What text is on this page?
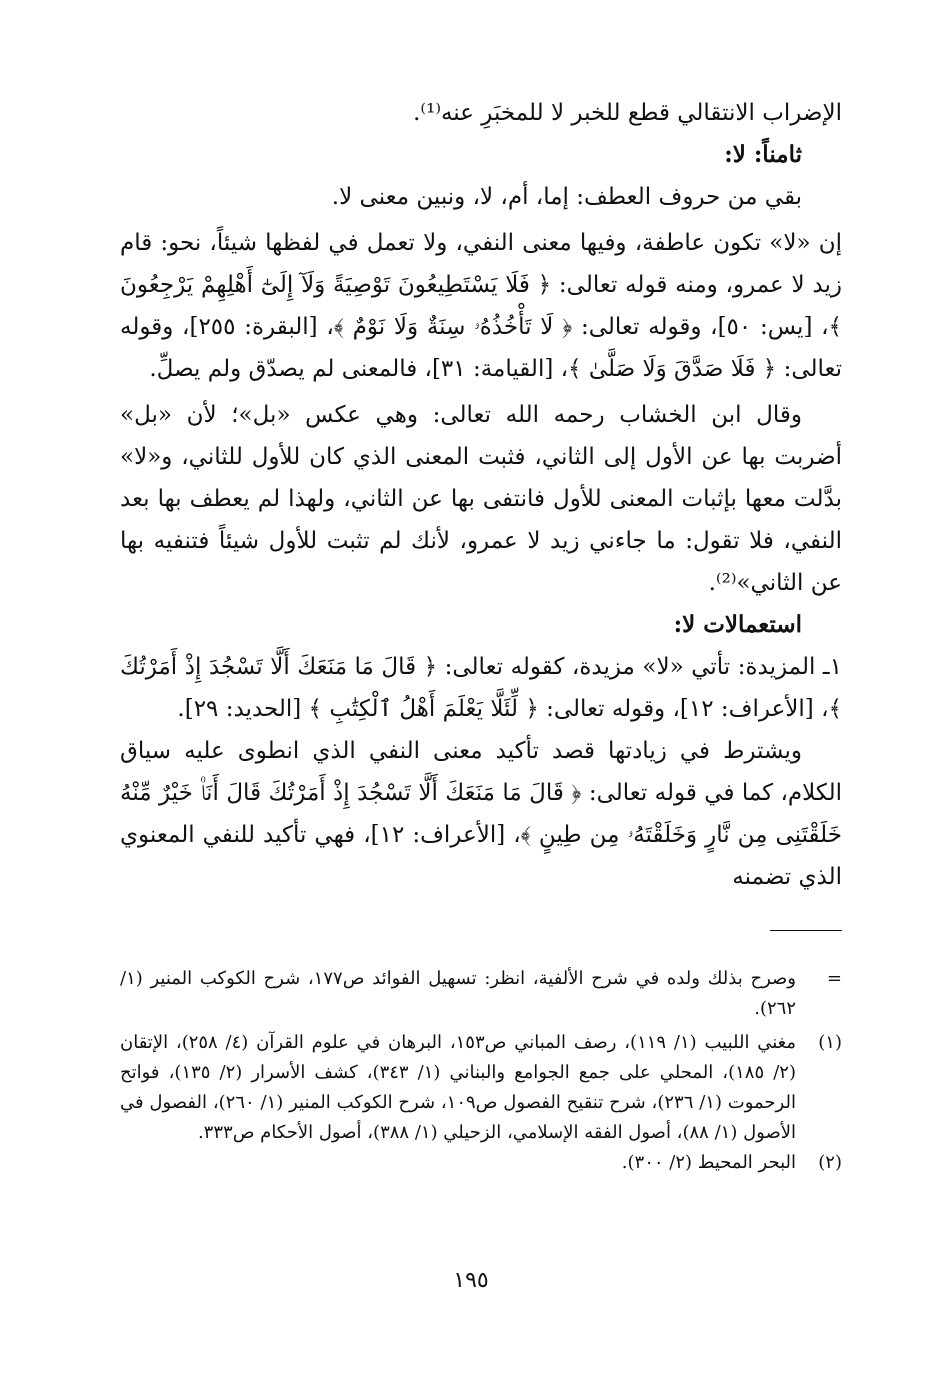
الإضراب الانتقالي قطع للخبر لا للمخبَرِ عنه⁽¹⁾.

ثامناً: لا:

بقي من حروف العطف: إما، أم، لا، ونبين معنى لا.

إن «لا» تكون عاطفة، وفيها معنى النفي، ولا تعمل في لفظها شيئاً، نحو: قام زيد لا عمرو، ومنه قوله تعالى: ﴿ فَلَا يَسْتَطِيعُونَ تَوْصِيَةً وَلَآ إِلَىٰٓ أَهْلِهِمْ يَرْجِعُونَ ﴾، [يس: ٥٠]، وقوله تعالى: ﴿ لَا تَأْخُذُهُۥ سِنَةٌ وَلَا نَوْمٌ ﴾، [البقرة: ٢٥٥]، وقوله تعالى: ﴿ فَلَا صَدَّقَ وَلَا صَلَّىٰ ﴾، [القيامة: ٣١]، فالمعنى لم يصدّق ولم يصلِّ.

وقال ابن الخشاب رحمه الله تعالى: وهي عكس «بل»؛ لأن «بل» أضربت بها عن الأول إلى الثاني، فثبت المعنى الذي كان للأول للثاني، و«لا» بدَّلت معها بإثبات المعنى للأول فانتفى بها عن الثاني، ولهذا لم يعطف بها بعد النفي، فلا تقول: ما جاءني زيد لا عمرو، لأنك لم تثبت للأول شيئاً فتنفيه بها عن الثاني»⁽²⁾.

استعمالات لا:

١ـ المزيدة: تأتي «لا» مزيدة، كقوله تعالى: ﴿ قَالَ مَا مَنَعَكَ أَلَّا تَسْجُدَ إِذْ أَمَرْتُكَ ﴾، [الأعراف: ١٢]، وقوله تعالى: ﴿ لِّئَلَّا يَعْلَمَ أَهْلُ ٱلْكِتَٰبِ ﴾ [الحديد: ٢٩].

ويشترط في زيادتها قصد تأكيد معنى النفي الذي انطوى عليه سياق الكلام، كما في قوله تعالى: ﴿ قَالَ مَا مَنَعَكَ أَلَّا تَسْجُدَ إِذْ أَمَرْتُكَ قَالَ أَنَا۠ خَيْرٌ مِّنْهُ خَلَقْتَنِى مِن نَّارٍ وَخَلَقْتَهُۥ مِن طِينٍ ﴾، [الأعراف: ١٢]، فهي تأكيد للنفي المعنوي الذي تضمنه

=
وصرح بذلك ولده في شرح الألفية، انظر: تسهيل الفوائد ص١٧٧، شرح الكوكب المنير (١/ ٢٦٢).
(١)
مغني اللبيب (١/ ١١٩)، رصف المباني ص١٥٣، البرهان في علوم القرآن (٤/ ٢٥٨)، الإتقان (٢/ ١٨٥)، المحلي على جمع الجوامع والبناني (١/ ٣٤٣)، كشف الأسرار (٢/ ١٣٥)، فواتح الرحموت (١/ ٢٣٦)، شرح تنقيح الفصول ص١٠٩، شرح الكوكب المنير (١/ ٢٦٠)، الفصول في الأصول (١/ ٨٨)، أصول الفقه الإسلامي، الزحيلي (١/ ٣٨٨)، أصول الأحكام ص٣٣٣.
(٢)
البحر المحيط (٢/ ٣٠٠).
١٩٥
